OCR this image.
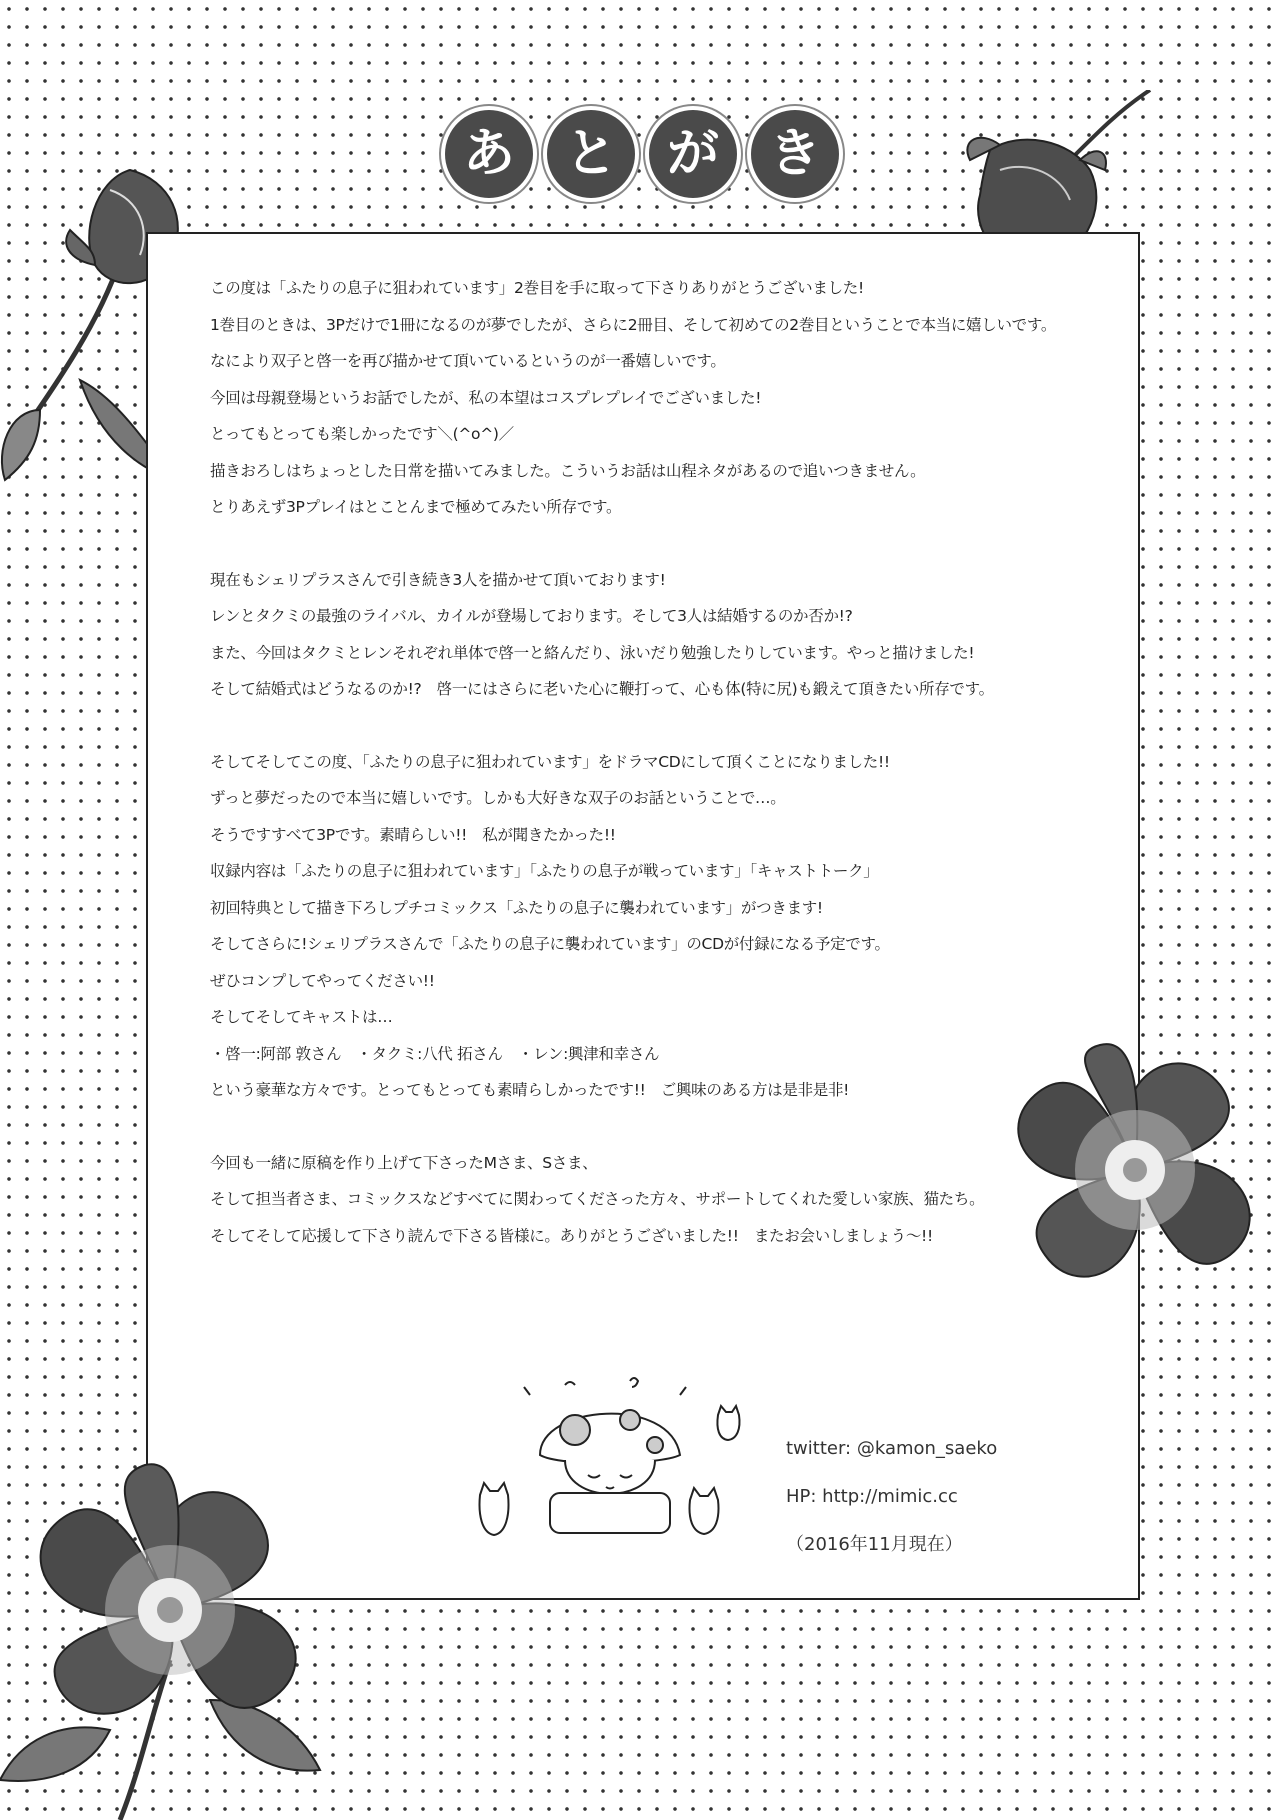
あ と が き
この度は「ふたりの息子に狙われています」2巻目を手に取って下さりありがとうございました!
1巻目のときは、3Pだけで1冊になるのが夢でしたが、さらに2冊目、そして初めての2巻目ということで本当に嬉しいです。
なにより双子と啓一を再び描かせて頂いているというのが一番嬉しいです。
今回は母親登場というお話でしたが、私の本望はコスプレプレイでございました!
とってもとっても楽しかったです＼(^o^)／
描きおろしはちょっとした日常を描いてみました。こういうお話は山程ネタがあるので追いつきません。
とりあえず3Pプレイはとことんまで極めてみたい所存です。
現在もシェリプラスさんで引き続き3人を描かせて頂いております!
レンとタクミの最強のライバル、カイルが登場しております。そして3人は結婚するのか否か!?
また、今回はタクミとレンそれぞれ単体で啓一と絡んだり、泳いだり勉強したりしています。やっと描けました!
そして結婚式はどうなるのか!?　啓一にはさらに老いた心に鞭打って、心も体(特に尻)も鍛えて頂きたい所存です。
そしてそしてこの度、「ふたりの息子に狙われています」をドラマCDにして頂くことになりました!!
ずっと夢だったので本当に嬉しいです。しかも大好きな双子のお話ということで…。
そうですすべて3Pです。素晴らしい!!　私が聞きたかった!!
収録内容は「ふたりの息子に狙われています」「ふたりの息子が戦っています」「キャストトーク」
初回特典として描き下ろしプチコミックス「ふたりの息子に襲われています」がつきます!
そしてさらに!シェリプラスさんで「ふたりの息子に襲われています」のCDが付録になる予定です。
ぜひコンプしてやってください!!
そしてそしてキャストは…
・啓一:阿部 敦さん　・タクミ:八代 拓さん　・レン:興津和幸さん
という豪華な方々です。とってもとっても素晴らしかったです!!　ご興味のある方は是非是非!
今回も一緒に原稿を作り上げて下さったMさま、Sさま、
そして担当者さま、コミックスなどすべてに関わってくださった方々、サポートしてくれた愛しい家族、猫たち。
そしてそして応援して下さり読んで下さる皆様に。ありがとうございました!!　またお会いしましょう〜!!
twitter: @kamon_saeko
HP: http://mimic.cc
（2016年11月現在）
